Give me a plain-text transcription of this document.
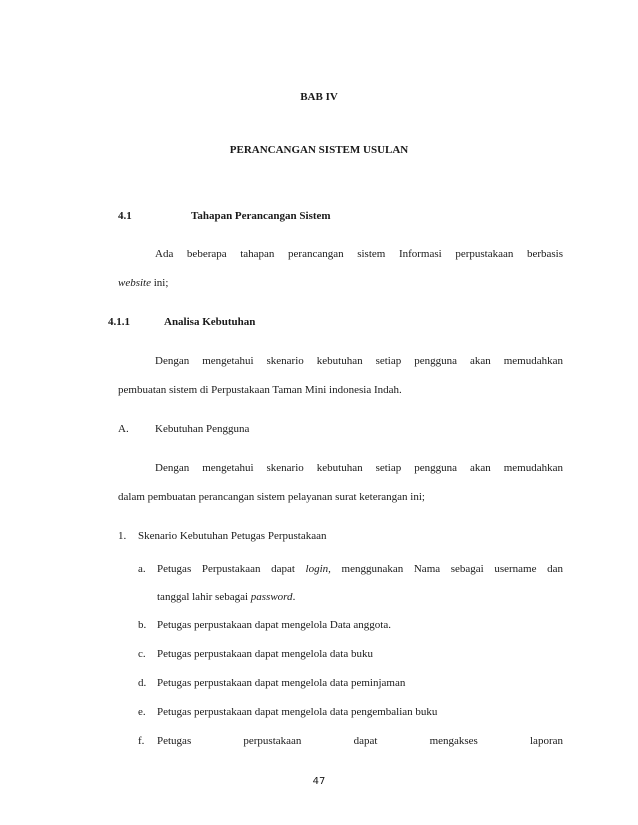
BAB IV
PERANCANGAN SISTEM USULAN
4.1	Tahapan Perancangan Sistem
Ada beberapa tahapan perancangan sistem Informasi perpustakaan berbasis
website ini;
4.1.1	Analisa Kebutuhan
Dengan mengetahui skenario kebutuhan setiap pengguna akan memudahkan
pembuatan sistem di Perpustakaan Taman Mini indonesia Indah.
A. Kebutuhan Pengguna
Dengan mengetahui skenario kebutuhan setiap pengguna akan memudahkan
dalam pembuatan perancangan sistem pelayanan surat keterangan ini;
1. Skenario Kebutuhan Petugas Perpustakaan
a. Petugas Perpustakaan dapat login, menggunakan Nama sebagai username dan
tanggal lahir sebagai password.
b. Petugas perpustakaan dapat mengelola Data anggota.
c. Petugas perpustakaan dapat mengelola data buku
d. Petugas perpustakaan dapat mengelola data peminjaman
e. Petugas perpustakaan dapat mengelola data pengembalian buku
f. Petugas perpustakaan dapat mengakses laporan
47
